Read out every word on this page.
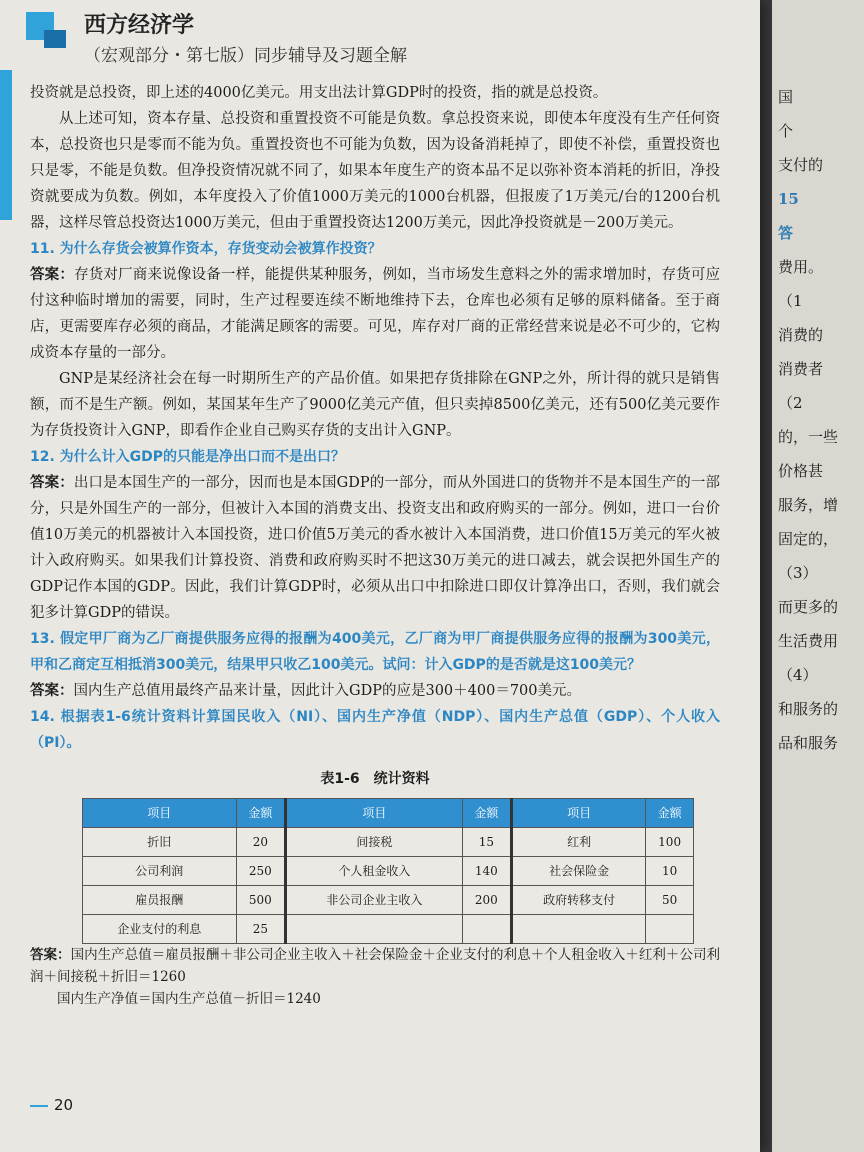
西方经济学
（宏观部分・第七版）同步辅导及习题全解

投资就是总投资，即上述的4000亿美元。用支出法计算GDP时的投资，指的就是总投资。

从上述可知，资本存量、总投资和重置投资不可能是负数。拿总投资来说，即使本年度没有生产任何资本，总投资也只是零而不能为负。重置投资也不可能为负数，因为设备消耗掉了，即使不补偿，重置投资也只是零，不能是负数。但净投资情况就不同了，如果本年度生产的资本品不足以弥补资本消耗的折旧，净投资就要成为负数。例如，本年度投入了价值1000万美元的1000台机器，但报废了1万美元/台的1200台机器，这样尽管总投资达1000万美元，但由于重置投资达1200万美元，因此净投资就是－200万美元。

11. 为什么存货会被算作资本，存货变动会被算作投资？

答案：存货对厂商来说像设备一样，能提供某种服务，例如，当市场发生意料之外的需求增加时，存货可应付这种临时增加的需要，同时，生产过程要连续不断地维持下去，仓库也必须有足够的原料储备。至于商店，更需要库存必须的商品，才能满足顾客的需要。可见，库存对厂商的正常经营来说是必不可少的，它构成资本存量的一部分。

GNP是某经济社会在每一时期所生产的产品价值。如果把存货排除在GNP之外，所计得的就只是销售额，而不是生产额。例如，某国某年生产了9000亿美元产值，但只卖掉8500亿美元，还有500亿美元要作为存货投资计入GNP，即看作企业自己购买存货的支出计入GNP。

12. 为什么计入GDP的只能是净出口而不是出口？

答案：出口是本国生产的一部分，因而也是本国GDP的一部分，而从外国进口的货物并不是本国生产的一部分，只是外国生产的一部分，但被计入本国的消费支出、投资支出和政府购买的一部分。例如，进口一台价值10万美元的机器被计入本国投资，进口价值5万美元的香水被计入本国消费，进口价值15万美元的军火被计入政府购买。如果我们计算投资、消费和政府购买时不把这30万美元的进口减去，就会误把外国生产的GDP记作本国的GDP。因此，我们计算GDP时，必须从出口中扣除进口即仅计算净出口，否则，我们就会犯多计算GDP的错误。

13. 假定甲厂商为乙厂商提供服务应得的报酬为400美元，乙厂商为甲厂商提供服务应得的报酬为300美元，甲和乙商定互相抵消300美元，结果甲只收乙100美元。试问：计入GDP的是否就是这100美元？

答案：国内生产总值用最终产品来计量，因此计入GDP的应是300＋400＝700美元。

14. 根据表1-6统计资料计算国民收入（NI）、国内生产净值（NDP）、国内生产总值（GDP）、个人收入（PI）。

表1-6　统计资料
项目	金额	项目	金额	项目	金额
折旧	20	间接税	15	红利	100
公司利润	250	个人租金收入	140	社会保险金	10
雇员报酬	500	非公司企业主收入	200	政府转移支付	50
企业支付的利息	25				

答案：国内生产总值＝雇员报酬＋非公司企业主收入＋社会保险金＋企业支付的利息＋个人租金收入＋红利＋公司利润＋间接税＋折旧＝1260

国内生产净值＝国内生产总值－折旧＝1240

20
国
个
支付的
15
答
费用。
（1
消费的
消费者
（2
的，一些
价格甚
服务，增
固定的，
（3）
而更多的
生活费用
（4）
和服务的
品和服务
